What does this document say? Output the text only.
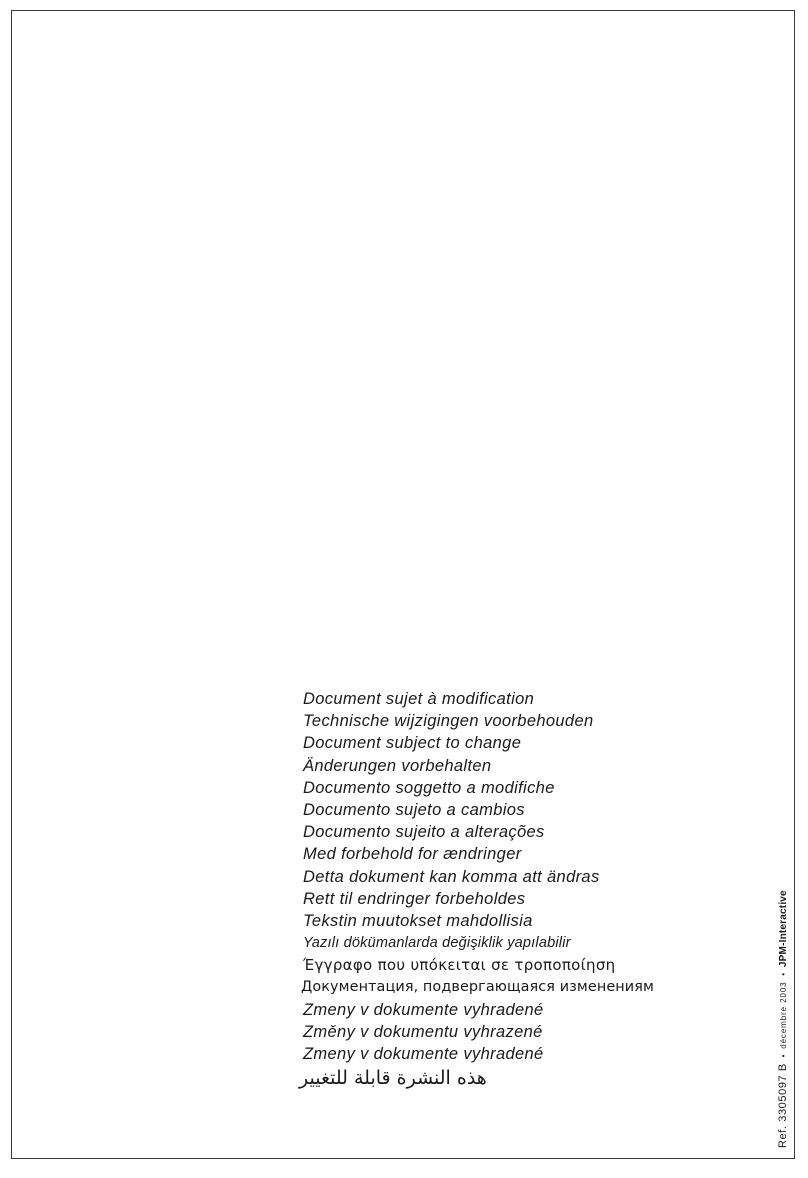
Document sujet à modification
Technische wijzigingen voorbehouden
Document subject to change
Änderungen vorbehalten
Documento soggetto a modifiche
Documento sujeto a cambios
Documento sujeito a alterações
Med forbehold for ændringer
Detta dokument kan komma att ändras
Rett til endringer forbeholdes
Tekstin muutokset mahdollisia
Yazılı dökümanlarda değişiklik yapılabilir
Έγγραφο που υπόκειται σε τροποποίηση
Документация, подвергающаяся изменениям
Zmeny v dokumente vyhradené
Změny v dokumentu vyhrazené
Zmeny v dokumente vyhradené
هذه النشرة قابلة للتغيير	Ref. 3305097 B • décembre 2003 • JPM-Interactive
